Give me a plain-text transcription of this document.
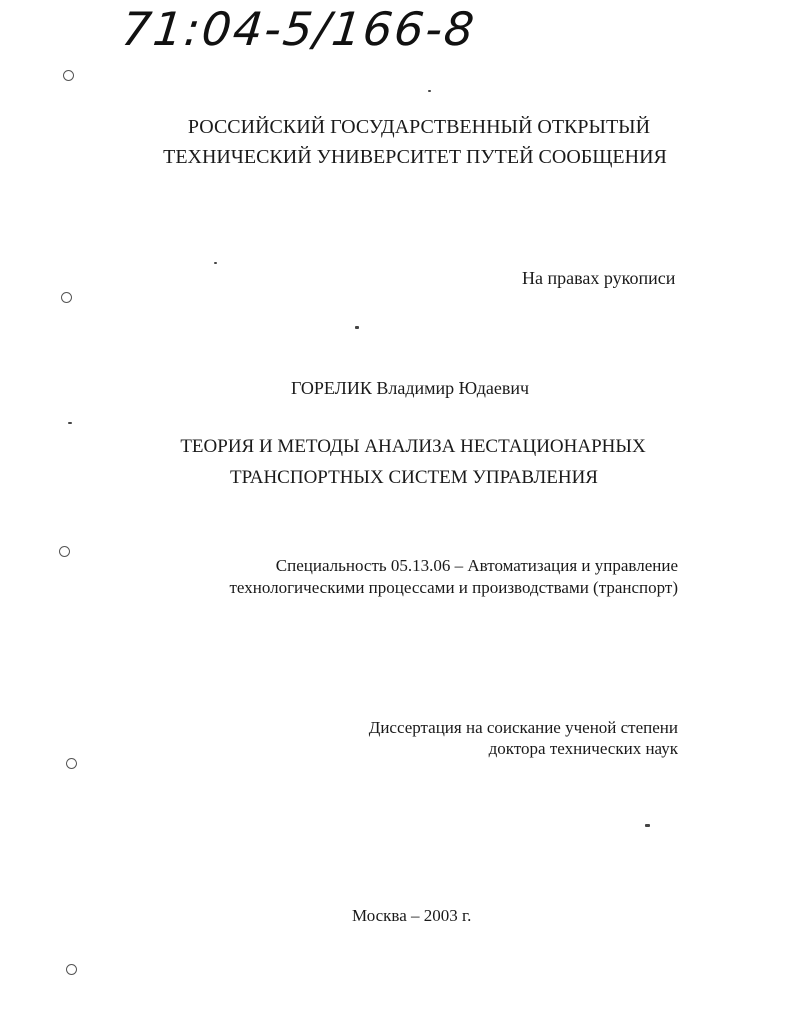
71:04-5/166-8
РОССИЙСКИЙ ГОСУДАРСТВЕННЫЙ ОТКРЫТЫЙ
ТЕХНИЧЕСКИЙ УНИВЕРСИТЕТ ПУТЕЙ СООБЩЕНИЯ
На правах рукописи
ГОРЕЛИК Владимир Юдаевич
ТЕОРИЯ И МЕТОДЫ АНАЛИЗА НЕСТАЦИОНАРНЫХ
ТРАНСПОРТНЫХ СИСТЕМ УПРАВЛЕНИЯ
Специальность 05.13.06 – Автоматизация и управление
технологическими процессами и производствами (транспорт)
Диссертация на соискание ученой степени
доктора технических наук
Москва – 2003 г.
